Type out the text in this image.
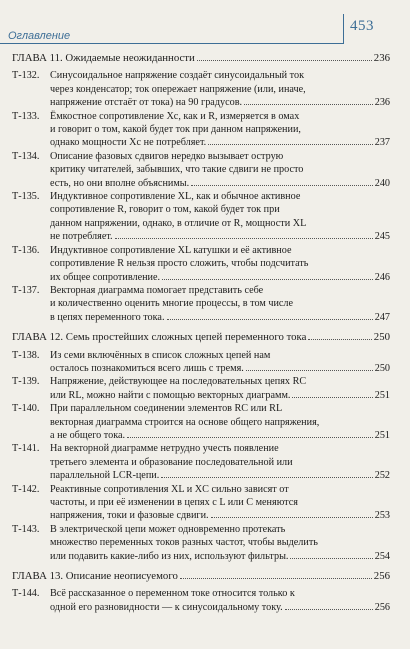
Оглавление
453
ГЛАВА 11. Ожидаемые неожиданности	236
Т-132.	Синусоидальное напряжение создаёт синусоидальный ток
через конденсатор; ток опережает напряжение (или, иначе,
напряжение отстаёт от тока) на 90 градусов.	236
Т-133.	Ёмкостное сопротивление Хс, как и R, измеряется в омах
и говорит о том, какой будет ток при данном напряжении,
однако мощности Хс не потребляет.	237
Т-134.	Описание фазовых сдвигов нередко вызывает острую
критику читателей, забывших, что такие сдвиги не просто
есть, но они вполне объяснимы.	240
Т-135.	Индуктивное сопротивление XL, как и обычное активное
сопротивление R, говорит о том, какой будет ток при
данном напряжении, однако, в отличие от R, мощности XL
не потребляет.	245
Т-136.	Индуктивное сопротивление XL катушки и её активное
сопротивление R нельзя просто сложить, чтобы подсчитать
их общее сопротивление.	246
Т-137.	Векторная диаграмма помогает представить себе
и количественно оценить многие процессы, в том числе
в цепях переменного тока.	247
ГЛАВА 12. Семь простейших сложных цепей переменного тока	250
Т-138.	Из семи включённых в список сложных цепей нам
осталось познакомиться всего лишь с тремя.	250
Т-139.	Напряжение, действующее на последовательных цепях RC
или RL, можно найти с помощью векторных диаграмм.	251
Т-140.	При параллельном соединении элементов RC или RL
векторная диаграмма строится на основе общего напряжения,
а не общего тока.	251
Т-141.	На векторной диаграмме нетрудно учесть появление
третьего элемента и образование последовательной или
параллельной LCR-цепи.	252
Т-142.	Реактивные сопротивления XL и XC сильно зависят от
частоты, и при её изменении в цепях с L или С меняются
напряжения, токи и фазовые сдвиги.	253
Т-143.	В электрической цепи может одновременно протекать
множество переменных токов разных частот, чтобы выделить
или подавить какие-либо из них, используют фильтры.	254
ГЛАВА 13. Описание неописуемого	256
Т-144.	Всё рассказанное о переменном токе относится только к
одной его разновидности — к синусоидальному току.	256
